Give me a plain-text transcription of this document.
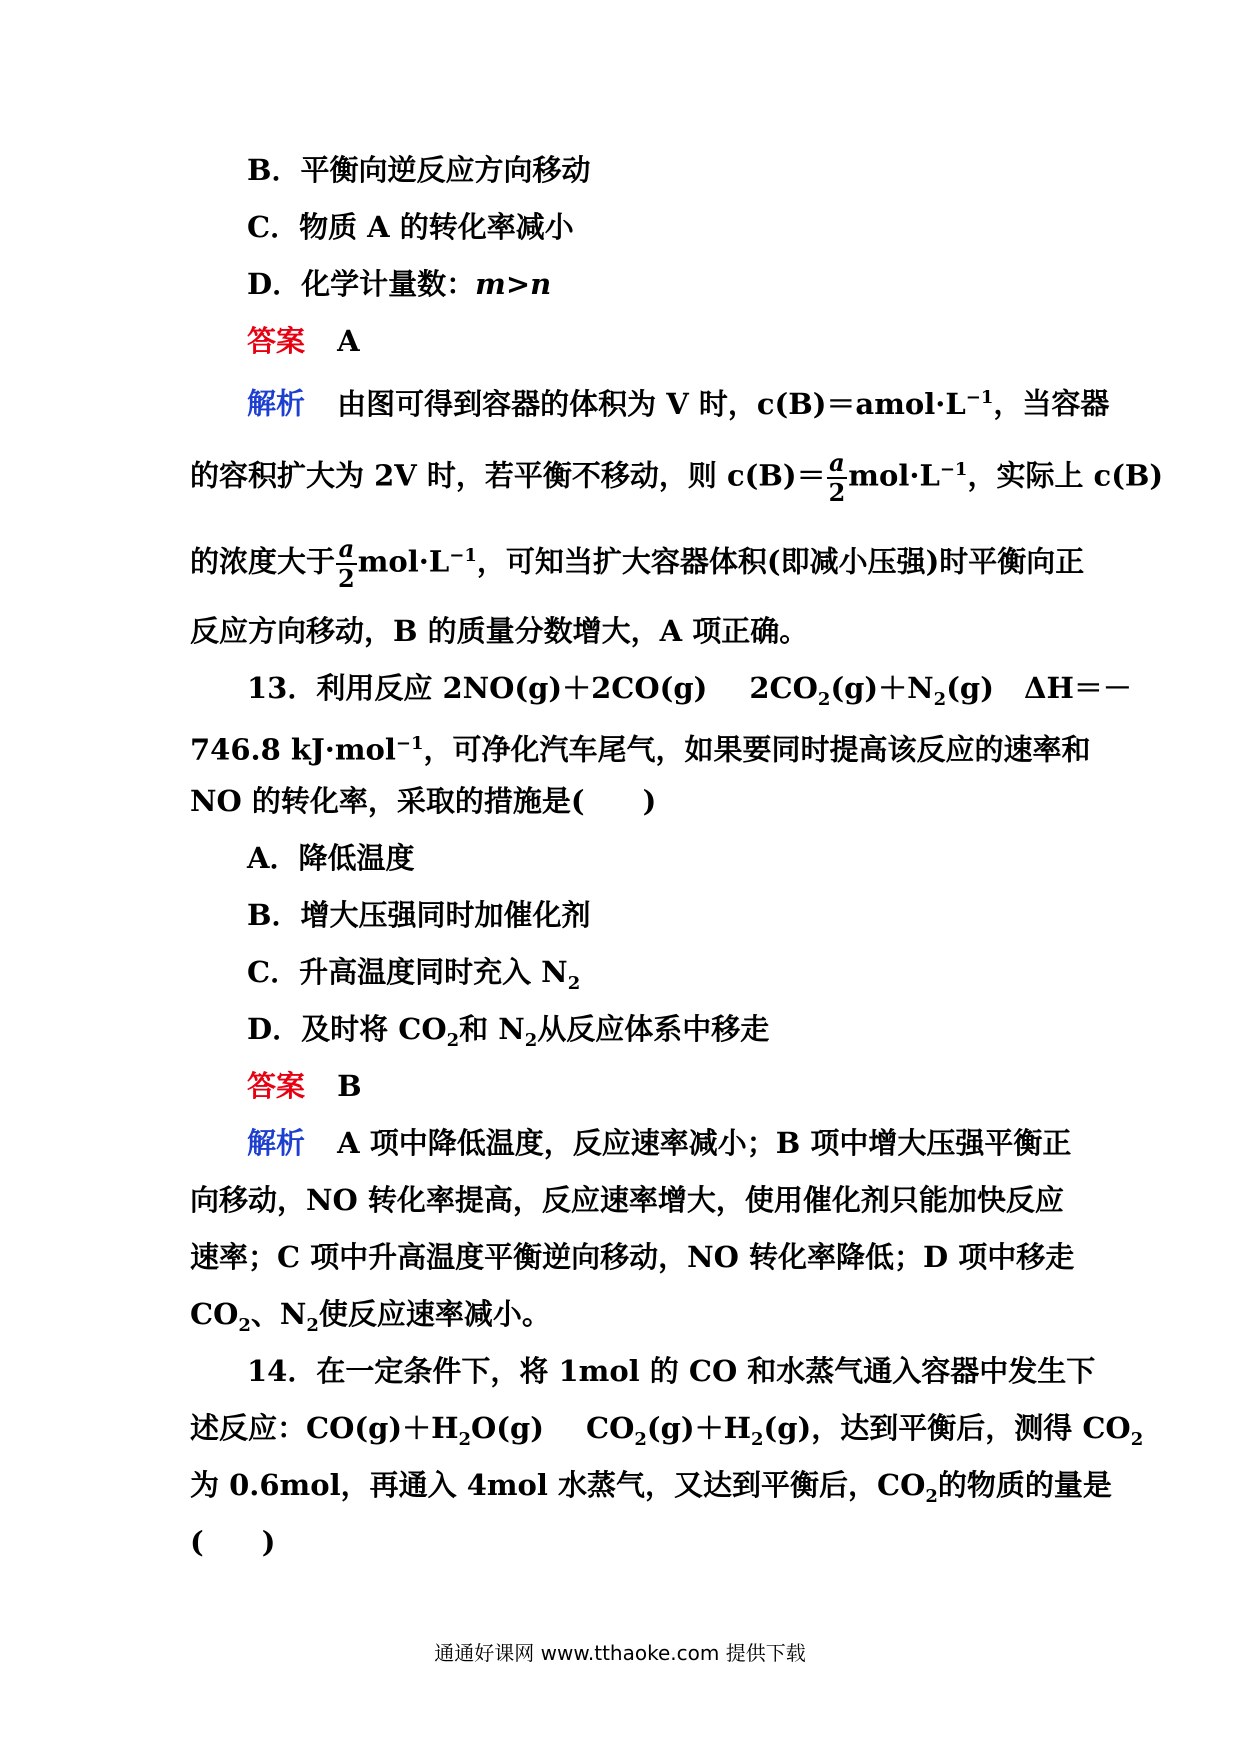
B．平衡向逆反应方向移动
C．物质 A 的转化率减小
D．化学计量数：m>n
答案 A
解析 由图可得到容器的体积为 V 时，$c(B)=amol\cdot L^{-1}$，当容器
的容积扩大为 2V 时，若平衡不移动，则 $c(B)= \frac{a}{2} mol\cdot L^{-1}$，实际上 c(B)
的浓度大于 $\frac{a}{2} mol\cdot L^{-1}$，可知当扩大容器体积(即减小压强)时平衡向正
反应方向移动，B 的质量分数增大，A 项正确。
13．利用反应 2NO(g)＋2CO(g) $2CO_2(g)+N_2(g)$ ΔH＝－
746.8 kJ·mol$^{-1}$，可净化汽车尾气，如果要同时提高该反应的速率和
NO 的转化率，采取的措施是(　　)
A．降低温度
B．增大压强同时加催化剂
C．升高温度同时充入 $N_2$
D．及时将 $CO_2$和 $N_2$从反应体系中移走
答案 B
解析 A 项中降低温度，反应速率减小；B 项中增大压强平衡正
向移动，NO 转化率提高，反应速率增大，使用催化剂只能加快反应
速率；C 项中升高温度平衡逆向移动，NO 转化率降低；D 项中移走
$CO_2$、$N_2$使反应速率减小。
14．在一定条件下，将 1mol 的 CO 和水蒸气通入容器中发生下
述反应：$CO(g)+H_2O(g)$ $CO_2(g)+H_2(g)$，达到平衡后，测得 $CO_2$
为 0.6mol，再通入 4mol 水蒸气，又达到平衡后，$CO_2$的物质的量是
(　　)
通通好课网 www.tthaoke.com 提供下载
